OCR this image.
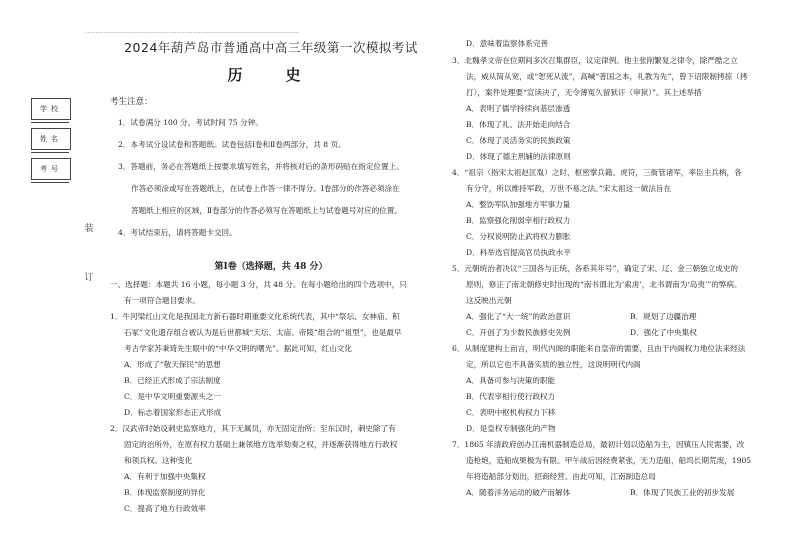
······································································································································
装
订
学校
姓名
考号
2024年葫芦岛市普通高中高三年级第一次模拟考试
历　史
考生注意：
1．试卷满分 100 分，考试时间 75 分钟。
2．本考试分设试卷和答题纸。试卷包括Ⅰ卷和Ⅱ卷两部分，共 8 页。
3．答题前，务必在答题纸上按要求填写姓名，并将核对后的条形码贴在指定位置上。
作答必须涂或写在答题纸上，在试卷上作答一律不得分。Ⅰ卷部分的作答必须涂在
答题纸上相应的区域，Ⅱ卷部分的作答必须写在答题纸上与试卷题号对应的位置。
4．考试结束后，请将答题卡交回。
第Ⅰ卷（选择题，共 48 分）
一、选择题：本题共 16 小题，每小题 3 分，共 48 分。在每小题给出的四个选项中，只
有一项符合题目要求。
1．牛河梁红山文化是我国北方新石器时期重要文化系统代表，其中“祭坛、女神庙、积
石冢”文化遗存组合被认为是后世都城“天坛、太庙、帝陵”组合的“祖型”，也是最早
考古学家苏秉琦先生眼中的“中华文明的曙光”。据此可知，红山文化
A．形成了“敬天保民”的思想
B．已经正式形成了宗法制度
C．是中华文明重要源头之一
D．标志着国家形态正式形成
2．汉武帝时始设刺史监察地方，其下无属员，亦无固定治所；至东汉时，刺史除了有
固定的治所外，在原有权力基础上兼领地方选举劾奏之权，并逐渐获得地方行政权
和领兵权。这种变化
A．有利于加强中央集权
B．体现监察制度的异化
C．提高了地方行政效率
D．意味着监察体系完善
3．北魏孝文帝在位期间多次召集群臣，议定律例。他主张削繁复之律令，除严酷之立
法，威从简从宽，或“恕死从流”，高喊“普国之本，礼教为先”，曾下诏限制拷掠（拷
打），案件处理要“宣读决了，无令薄冤久留狱讦（审狱）”。其上述举措
A．表明了儒学持续向基层渗透
B．体现了礼、法开始走向结合
C．体现了灵活务实的民族政策
D．体现了德主刑辅的法律原则
4．“祖宗（指宋太祖赵匡胤）之时，枢密掌兵籍、虎符，三衙管诸军，率臣主兵柄，各
有分守，所以维持军政，万世不易之法。”宋太祖这一做法旨在
A．整饬军队加强地方军事力量
B．监察强化削弱宰相行政权力
C．分权说明防止武将权力膨胀
D．科举选官提高官员执政水平
5．元朝统治者决议“三国各与正统，各系其年号”，确定了宋、辽、金三朝独立成史的
原则，修正了南北朝修史时出现的“南书谓北为‘索虏’，北书谓南为‘岛夷’”的弊病。
这反映出元朝
A．强化了“大一统”的政治意识	B．规划了边疆治理
C．开创了为少数民族修史先例	D．强化了中央集权
6．从制度建构上而言，明代内阁的职能来自皇帝的需要，且由于内阁权力地位法来经法
定，所以它也不具备实质的独立性，这说明明代内阁
A．具备可参与决策的职能
B．代表宰相行使行政权力
C．表明中枢机构权力下移
D．是皇权专制强化的产物
7．1865 年清政府创办江南机器制造总局，最初计划以造船为主，因镇压人民需要，改
造枪炮，造船成果极为有限。甲午战后因经费紧张，无力造船，船坞长期荒废，1905
年将造船部分划出，招商经营。由此可知，江南制造总局
A．随着洋务运动的破产而解体	B．体现了民族工业的初步发展
